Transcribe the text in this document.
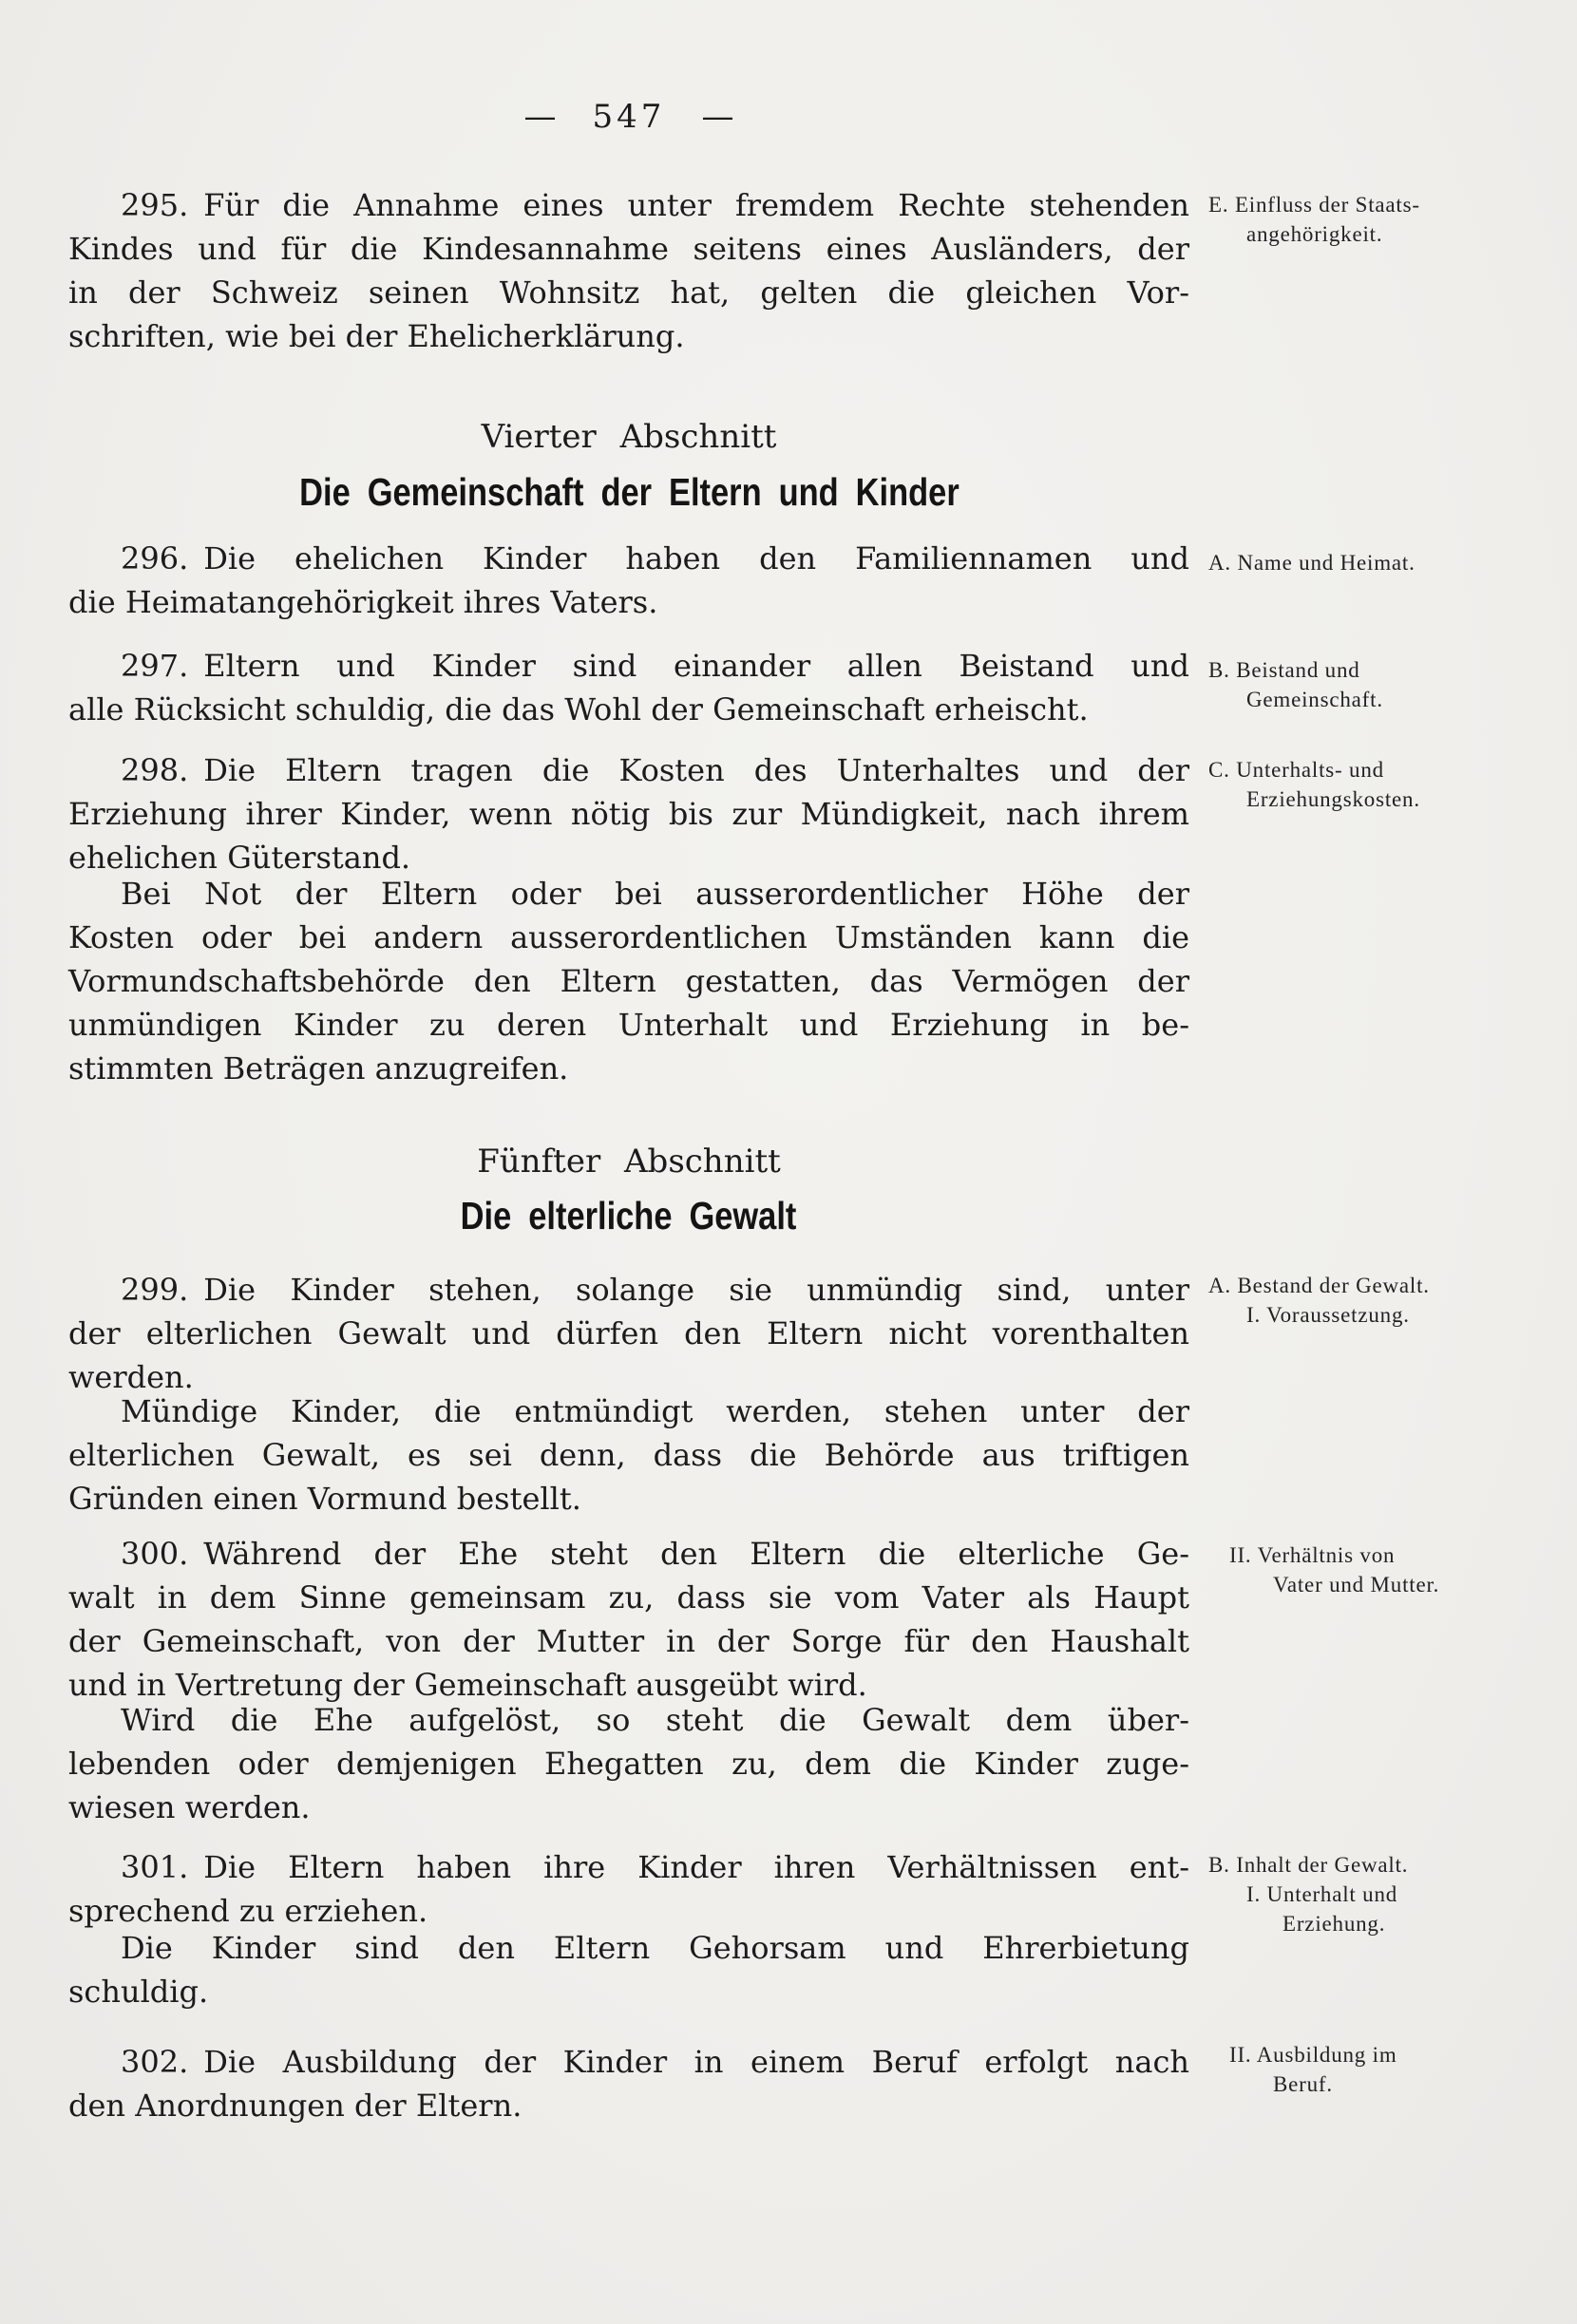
— 547 —
295. Für die Annahme eines unter fremdem Rechte stehenden
Kindes und für die Kindesannahme seitens eines Ausländers, der
in der Schweiz seinen Wohnsitz hat, gelten die gleichen Vor-
schriften, wie bei der Ehelicherklärung.
E. Einfluss der Staats-
angehörigkeit.
Vierter Abschnitt
Die Gemeinschaft der Eltern und Kinder
296. Die ehelichen Kinder haben den Familiennamen und
die Heimatangehörigkeit ihres Vaters.
A. Name und Heimat.
297. Eltern und Kinder sind einander allen Beistand und
alle Rücksicht schuldig, die das Wohl der Gemeinschaft erheischt.
B. Beistand und
Gemeinschaft.
298. Die Eltern tragen die Kosten des Unterhaltes und der
Erziehung ihrer Kinder, wenn nötig bis zur Mündigkeit, nach ihrem
ehelichen Güterstand.
C. Unterhalts- und
Erziehungskosten.
Bei Not der Eltern oder bei ausserordentlicher Höhe der
Kosten oder bei andern ausserordentlichen Umständen kann die
Vormundschaftsbehörde den Eltern gestatten, das Vermögen der
unmündigen Kinder zu deren Unterhalt und Erziehung in be-
stimmten Beträgen anzugreifen.
Fünfter Abschnitt
Die elterliche Gewalt
299. Die Kinder stehen, solange sie unmündig sind, unter
der elterlichen Gewalt und dürfen den Eltern nicht vorenthalten
werden.
A. Bestand der Gewalt.
I. Voraussetzung.
Mündige Kinder, die entmündigt werden, stehen unter der
elterlichen Gewalt, es sei denn, dass die Behörde aus triftigen
Gründen einen Vormund bestellt.
300. Während der Ehe steht den Eltern die elterliche Ge-
walt in dem Sinne gemeinsam zu, dass sie vom Vater als Haupt
der Gemeinschaft, von der Mutter in der Sorge für den Haushalt
und in Vertretung der Gemeinschaft ausgeübt wird.
II. Verhältnis von
Vater und Mutter.
Wird die Ehe aufgelöst, so steht die Gewalt dem über-
lebenden oder demjenigen Ehegatten zu, dem die Kinder zuge-
wiesen werden.
301. Die Eltern haben ihre Kinder ihren Verhältnissen ent-
sprechend zu erziehen.
B. Inhalt der Gewalt.
I. Unterhalt und
Erziehung.
Die Kinder sind den Eltern Gehorsam und Ehrerbietung
schuldig.
302. Die Ausbildung der Kinder in einem Beruf erfolgt nach
den Anordnungen der Eltern.
II. Ausbildung im
Beruf.
